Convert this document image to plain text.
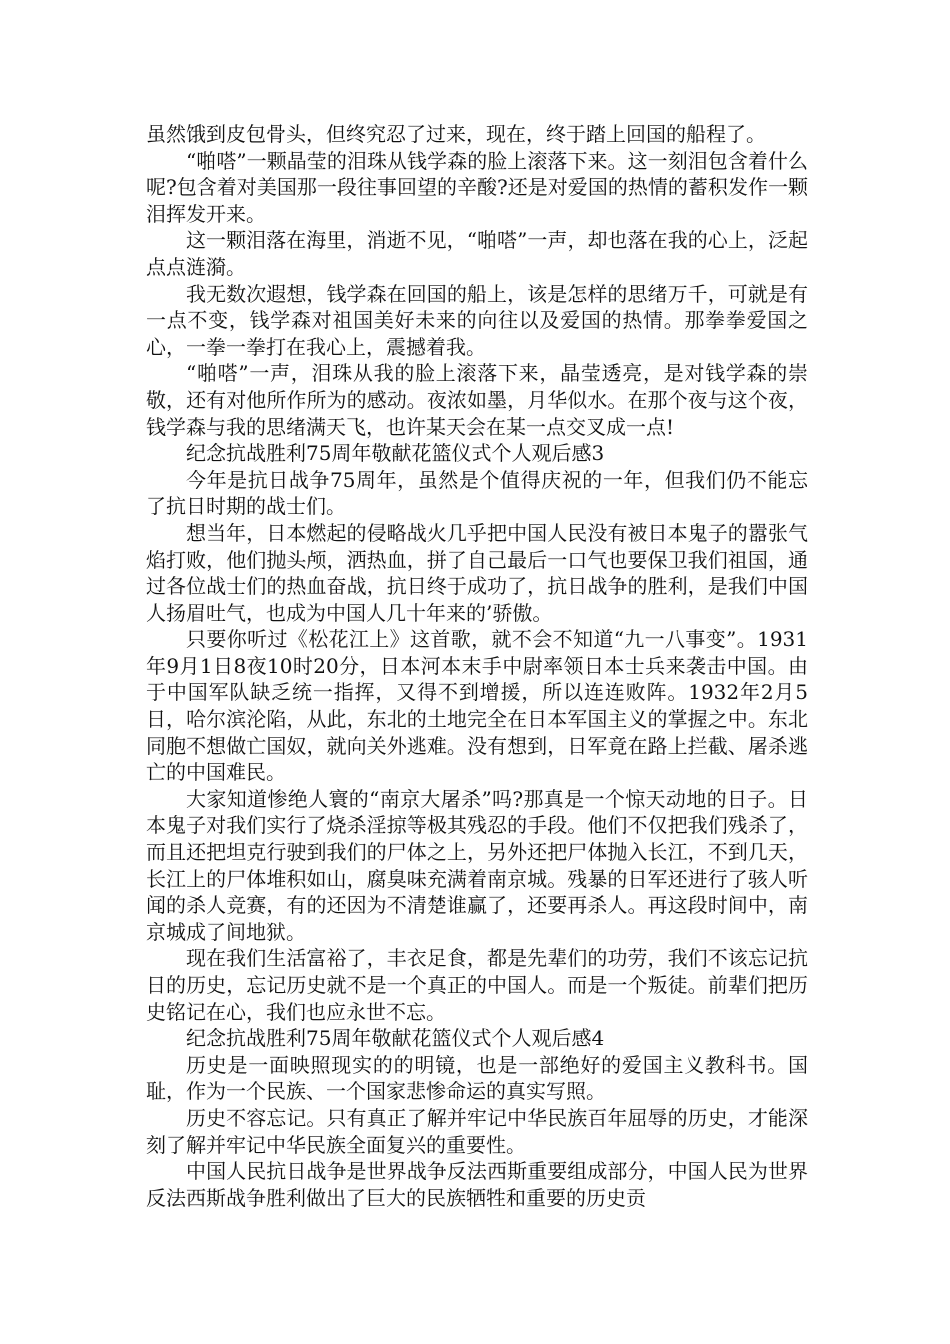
虽然饿到皮包骨头，但终究忍了过来，现在，终于踏上回国的船程了。

“啪嗒”一颗晶莹的泪珠从钱学森的脸上滚落下来。这一刻泪包含着什么呢?包含着对美国那一段往事回望的辛酸?还是对爱国的热情的蓄积发作一颗泪挥发开来。

这一颗泪落在海里，消逝不见，“啪嗒”一声，却也落在我的心上，泛起点点涟漪。

我无数次遐想，钱学森在回国的船上，该是怎样的思绪万千，可就是有一点不变，钱学森对祖国美好未来的向往以及爱国的热情。那拳拳爱国之心，一拳一拳打在我心上，震撼着我。

“啪嗒”一声，泪珠从我的脸上滚落下来，晶莹透亮，是对钱学森的崇敬，还有对他所作所为的感动。夜浓如墨，月华似水。在那个夜与这个夜，钱学森与我的思绪满天飞，也许某天会在某一点交叉成一点!

纪念抗战胜利75周年敬献花篮仪式个人观后感3

今年是抗日战争75周年，虽然是个值得庆祝的一年，但我们仍不能忘了抗日时期的战士们。

想当年，日本燃起的侵略战火几乎把中国人民没有被日本鬼子的嚣张气焰打败，他们抛头颅，洒热血，拼了自己最后一口气也要保卫我们祖国，通过各位战士们的热血奋战，抗日终于成功了，抗日战争的胜利，是我们中国人扬眉吐气，也成为中国人几十年来的’骄傲。

只要你听过《松花江上》这首歌，就不会不知道“九一八事变”。1931年9月1日8夜10时20分，日本河本末手中尉率领日本士兵来袭击中国。由于中国军队缺乏统一指挥，又得不到增援，所以连连败阵。1932年2月5日，哈尔滨沦陷，从此，东北的土地完全在日本军国主义的掌握之中。东北同胞不想做亡国奴，就向关外逃难。没有想到，日军竟在路上拦截、屠杀逃亡的中国难民。

大家知道惨绝人寰的“南京大屠杀”吗?那真是一个惊天动地的日子。日本鬼子对我们实行了烧杀淫掠等极其残忍的手段。他们不仅把我们残杀了，而且还把坦克行驶到我们的尸体之上，另外还把尸体抛入长江，不到几天，长江上的尸体堆积如山，腐臭味充满着南京城。残暴的日军还进行了骇人听闻的杀人竞赛，有的还因为不清楚谁赢了，还要再杀人。再这段时间中，南京城成了间地狱。

现在我们生活富裕了，丰衣足食，都是先辈们的功劳，我们不该忘记抗日的历史，忘记历史就不是一个真正的中国人。而是一个叛徒。前辈们把历史铭记在心，我们也应永世不忘。

纪念抗战胜利75周年敬献花篮仪式个人观后感4

历史是一面映照现实的的明镜，也是一部绝好的爱国主义教科书。国耻，作为一个民族、一个国家悲惨命运的真实写照。

历史不容忘记。只有真正了解并牢记中华民族百年屈辱的历史，才能深刻了解并牢记中华民族全面复兴的重要性。

中国人民抗日战争是世界战争反法西斯重要组成部分，中国人民为世界反法西斯战争胜利做出了巨大的民族牺牲和重要的历史贡
